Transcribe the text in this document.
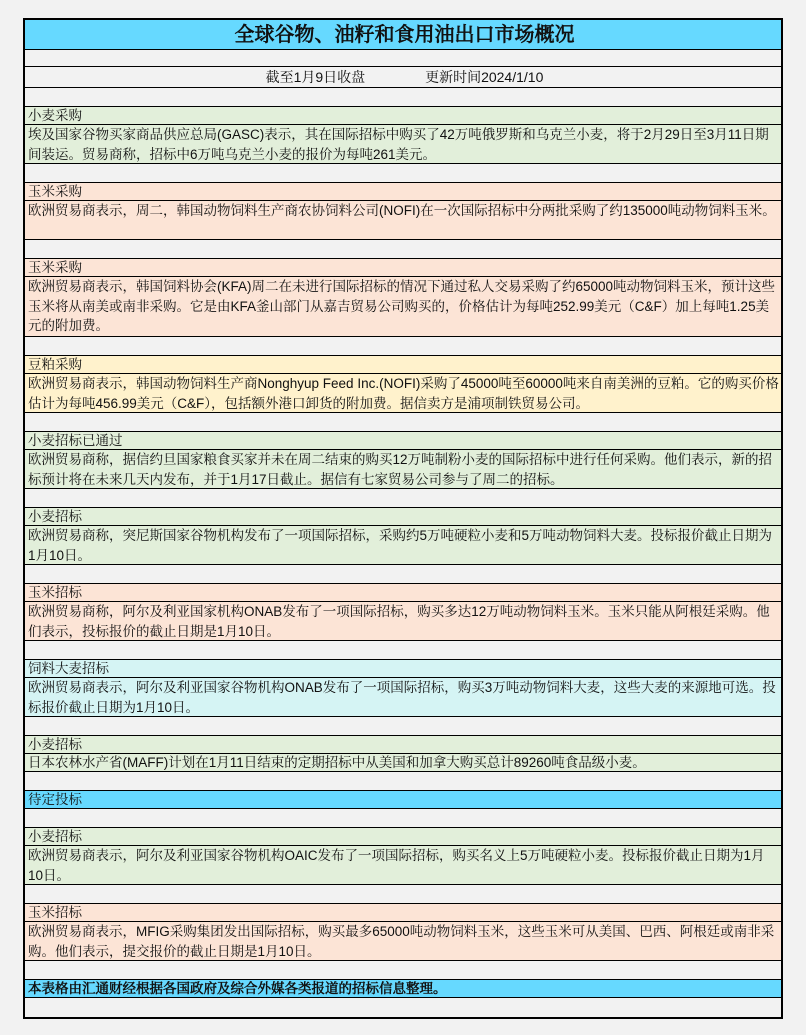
全球谷物、油籽和食用油出口市场概况
截至1月9日收盘	更新时间2024/1/10
小麦采购
埃及国家谷物买家商品供应总局(GASC)表示，其在国际招标中购买了42万吨俄罗斯和乌克兰小麦，将于2月29日至3月11日期间装运。贸易商称，招标中6万吨乌克兰小麦的报价为每吨261美元。
玉米采购
欧洲贸易商表示，周二，韩国动物饲料生产商农协饲料公司(NOFI)在一次国际招标中分两批采购了约135000吨动物饲料玉米。
玉米采购
欧洲贸易商表示，韩国饲料协会(KFA)周二在未进行国际招标的情况下通过私人交易采购了约65000吨动物饲料玉米，预计这些玉米将从南美或南非采购。它是由KFA釜山部门从嘉吉贸易公司购买的，价格估计为每吨252.99美元（C&F）加上每吨1.25美元的附加费。
豆粕采购
欧洲贸易商表示，韩国动物饲料生产商Nonghyup Feed Inc.(NOFI)采购了45000吨至60000吨来自南美洲的豆粕。它的购买价格估计为每吨456.99美元（C&F），包括额外港口卸货的附加费。据信卖方是浦项制铁贸易公司。
小麦招标已通过
欧洲贸易商称，据信约旦国家粮食买家并未在周二结束的购买12万吨制粉小麦的国际招标中进行任何采购。他们表示，新的招标预计将在未来几天内发布，并于1月17日截止。据信有七家贸易公司参与了周二的招标。
小麦招标
欧洲贸易商称，突尼斯国家谷物机构发布了一项国际招标，采购约5万吨硬粒小麦和5万吨动物饲料大麦。投标报价截止日期为1月10日。
玉米招标
欧洲贸易商称，阿尔及利亚国家机构ONAB发布了一项国际招标，购买多达12万吨动物饲料玉米。玉米只能从阿根廷采购。他们表示，投标报价的截止日期是1月10日。
饲料大麦招标
欧洲贸易商表示，阿尔及利亚国家谷物机构ONAB发布了一项国际招标，购买3万吨动物饲料大麦，这些大麦的来源地可选。投标报价截止日期为1月10日。
小麦招标
日本农林水产省(MAFF)计划在1月11日结束的定期招标中从美国和加拿大购买总计89260吨食品级小麦。
待定投标
小麦招标
欧洲贸易商表示，阿尔及利亚国家谷物机构OAIC发布了一项国际招标，购买名义上5万吨硬粒小麦。投标报价截止日期为1月10日。
玉米招标
欧洲贸易商表示，MFIG采购集团发出国际招标，购买最多65000吨动物饲料玉米，这些玉米可从美国、巴西、阿根廷或南非采购。他们表示，提交报价的截止日期是1月10日。
本表格由汇通财经根据各国政府及综合外媒各类报道的招标信息整理。
